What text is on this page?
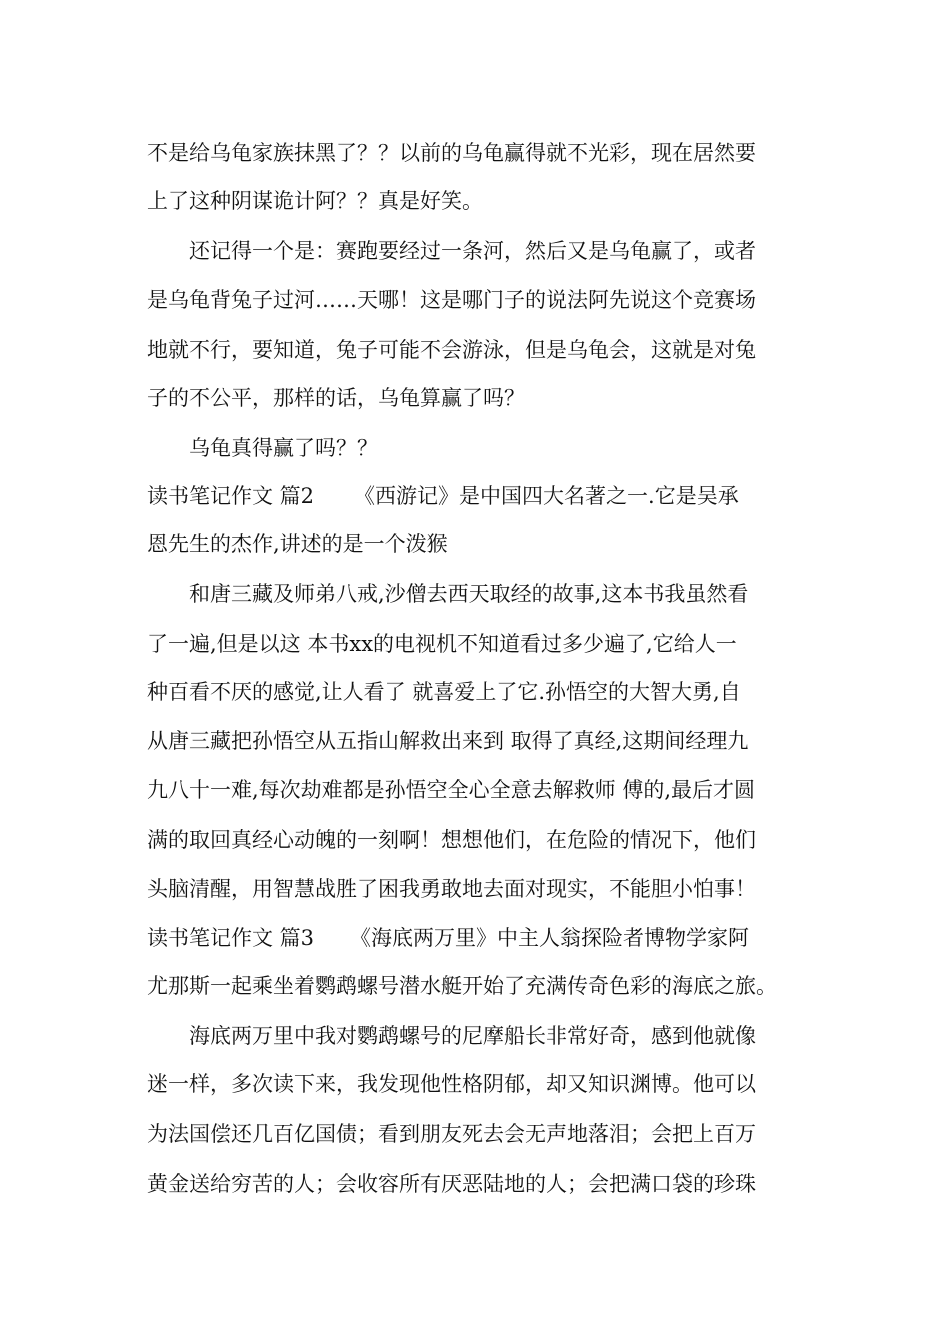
不是给乌龟家族抹黑了？？以前的乌龟赢得就不光彩，现在居然要
上了这种阴谋诡计阿？？真是好笑。
还记得一个是：赛跑要经过一条河，然后又是乌龟赢了，或者
是乌龟背兔子过河……天哪！这是哪门子的说法阿先说这个竞赛场
地就不行，要知道，兔子可能不会游泳，但是乌龟会，这就是对兔
子的不公平，那样的话，乌龟算赢了吗？
乌龟真得赢了吗？？
读书笔记作文 篇2 《西游记》是中国四大名著之一.它是吴承
恩先生的杰作,讲述的是一个泼猴
和唐三藏及师弟八戒,沙僧去西天取经的故事,这本书我虽然看
了一遍,但是以这 本书xx的电视机不知道看过多少遍了,它给人一
种百看不厌的感觉,让人看了 就喜爱上了它.孙悟空的大智大勇,自
从唐三藏把孙悟空从五指山解救出来到 取得了真经,这期间经理九
九八十一难,每次劫难都是孙悟空全心全意去解救师 傅的,最后才圆
满的取回真经心动魄的一刻啊！想想他们，在危险的情况下，他们
头脑清醒，用智慧战胜了困我勇敢地去面对现实，不能胆小怕事！
读书笔记作文 篇3 《海底两万里》中主人翁探险者博物学家阿
尤那斯一起乘坐着鹦鹉螺号潜水艇开始了充满传奇色彩的海底之旅。
海底两万里中我对鹦鹉螺号的尼摩船长非常好奇，感到他就像
迷一样，多次读下来，我发现他性格阴郁，却又知识渊博。他可以
为法国偿还几百亿国债；看到朋友死去会无声地落泪；会把上百万
黄金送给穷苦的人；会收容所有厌恶陆地的人；会把满口袋的珍珠
